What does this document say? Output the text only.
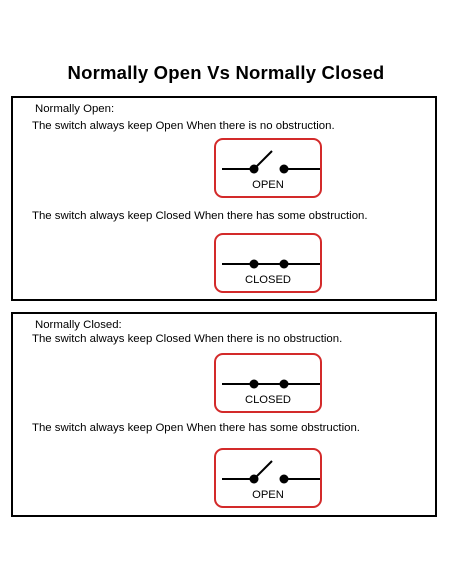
Normally Open Vs Normally Closed
Normally Open:
The switch always keep Open When there is no obstruction.
OPEN
The switch always keep Closed When there has some obstruction.
CLOSED
Normally Closed:
The switch always keep Closed When there is no obstruction.
CLOSED
The switch always keep Open When there has some obstruction.
OPEN
